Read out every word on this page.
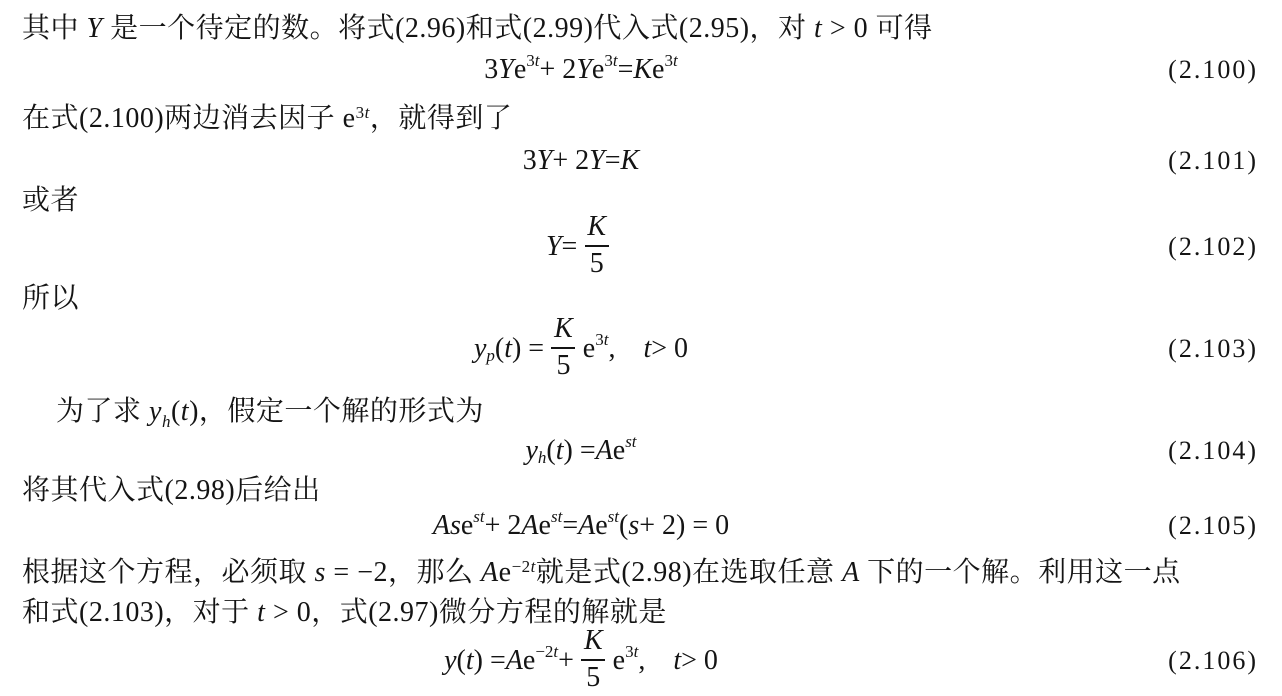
其中 Y 是一个待定的数。将式(2.96)和式(2.99)代入式(2.95)，对 t > 0 可得
3 Y e 3t + 2 Y e 3t = K e 3t	(2.100)
在式(2.100)两边消去因子 e3t，就得到了
3 Y + 2 Y = K	(2.101)
或者
$Y = \frac{K}{5}$	(2.102)
所以
y p ( t ) = $\frac{K}{5}$ e 3t , t > 0	(2.103)
为了求 yh(t)，假定一个解的形式为
y h ( t ) = A e st	(2.104)
将其代入式(2.98)后给出
As e st + 2 A e st = A e st ( s + 2) = 0	(2.105)
根据这个方程，必须取 s = −2，那么 Ae−2t就是式(2.98)在选取任意 A 下的一个解。利用这一点
和式(2.103)，对于 t > 0，式(2.97)微分方程的解就是
y ( t ) = A $e -2t + \frac{K}{5}$ e 3t , t > 0	(2.106)
